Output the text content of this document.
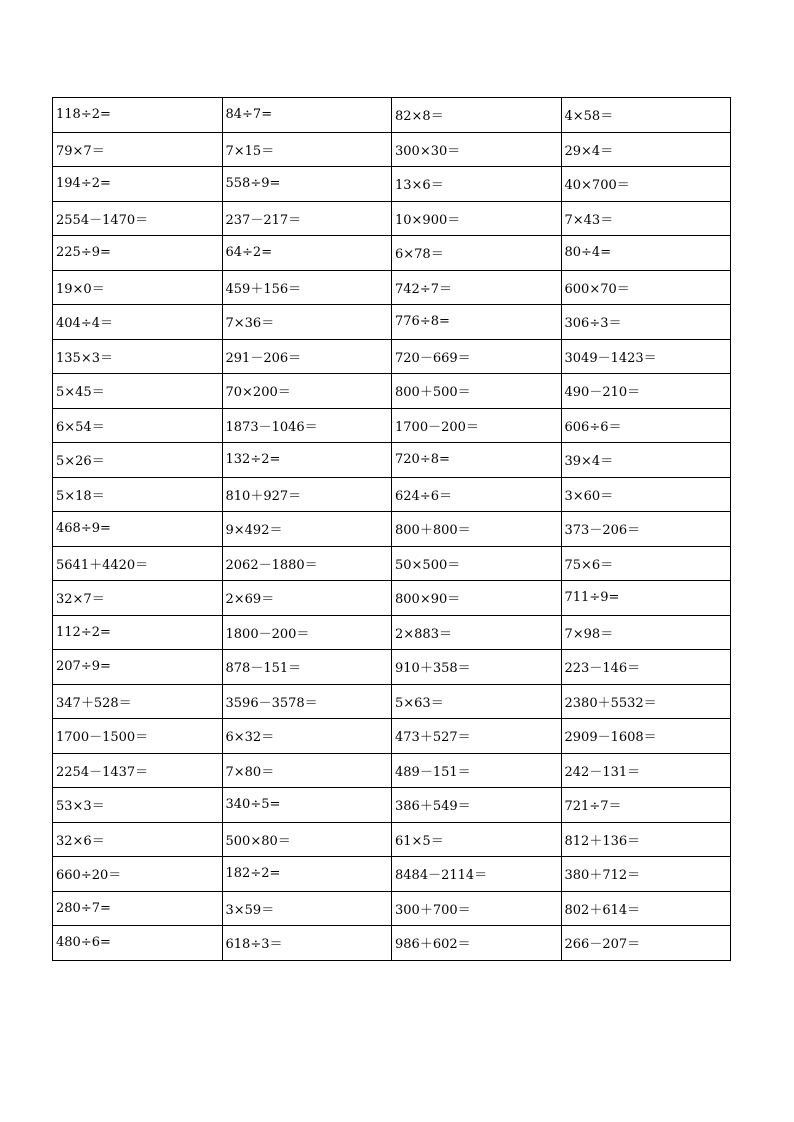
118÷2=	84÷7=	82×8＝	4×58＝
79×7＝	7×15＝	300×30＝	29×4＝
194÷2=	558÷9=	13×6＝	40×700＝
2554－1470＝	237－217＝	10×900＝	7×43＝
225÷9=	64÷2=	6×78＝	80÷4=
19×0＝	459＋156＝	742÷7＝	600×70＝
404÷4＝	7×36＝	776÷8=	306÷3＝
135×3＝	291－206＝	720－669＝	3049－1423＝
5×45＝	70×200＝	800＋500＝	490－210＝
6×54＝	1873－1046＝	1700－200＝	606÷6＝
5×26＝	132÷2=	720÷8=	39×4＝
5×18＝	810＋927＝	624÷6＝	3×60＝
468÷9=	9×492＝	800＋800＝	373－206＝
5641＋4420＝	2062－1880＝	50×500＝	75×6＝
32×7＝	2×69＝	800×90＝	711÷9=
112÷2=	1800－200＝	2×883＝	7×98＝
207÷9=	878－151＝	910＋358＝	223－146＝
347＋528＝	3596－3578＝	5×63＝	2380＋5532＝
1700－1500＝	6×32＝	473＋527＝	2909－1608＝
2254－1437＝	7×80＝	489－151＝	242－131＝
53×3＝	340÷5=	386＋549＝	721÷7＝
32×6＝	500×80＝	61×5＝	812＋136＝
660÷20＝	182÷2=	8484－2114＝	380＋712＝
280÷7=	3×59＝	300＋700＝	802＋614＝
480÷6=	618÷3＝	986＋602＝	266－207＝
